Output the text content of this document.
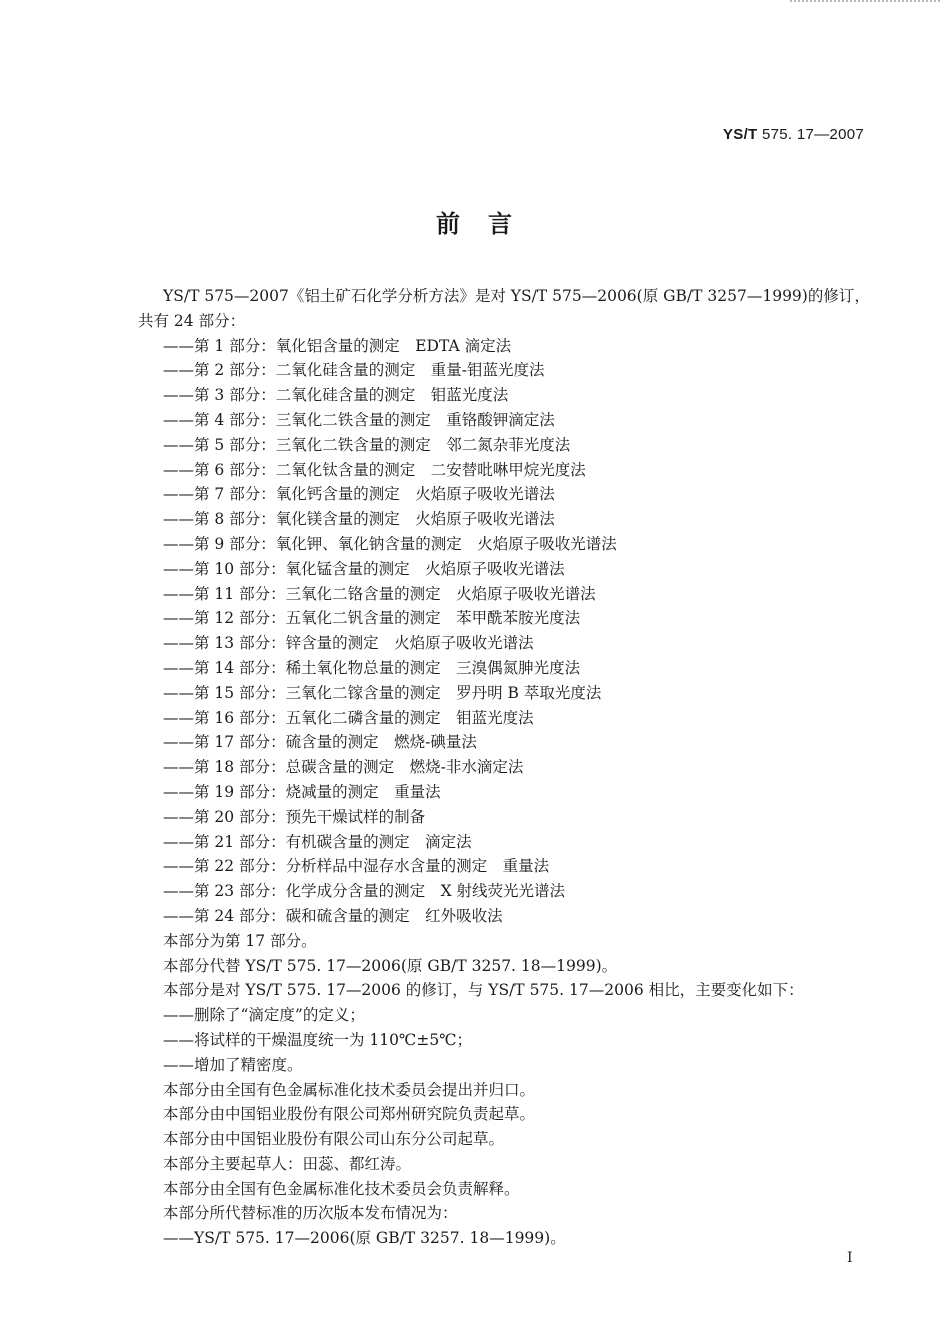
YS/T 575. 17—2007
前　言

YS/T 575—2007《铝土矿石化学分析方法》是对 YS/T 575—2006(原 GB/T 3257—1999)的修订，

共有 24 部分：

——第 1 部分：氧化铝含量的测定　EDTA 滴定法
——第 2 部分：二氧化硅含量的测定　重量-钼蓝光度法
——第 3 部分：二氧化硅含量的测定　钼蓝光度法
——第 4 部分：三氧化二铁含量的测定　重铬酸钾滴定法
——第 5 部分：三氧化二铁含量的测定　邻二氮杂菲光度法
——第 6 部分：二氧化钛含量的测定　二安替吡啉甲烷光度法
——第 7 部分：氧化钙含量的测定　火焰原子吸收光谱法
——第 8 部分：氧化镁含量的测定　火焰原子吸收光谱法
——第 9 部分：氧化钾、氧化钠含量的测定　火焰原子吸收光谱法
——第 10 部分：氧化锰含量的测定　火焰原子吸收光谱法
——第 11 部分：三氧化二铬含量的测定　火焰原子吸收光谱法
——第 12 部分：五氧化二钒含量的测定　苯甲酰苯胺光度法
——第 13 部分：锌含量的测定　火焰原子吸收光谱法
——第 14 部分：稀土氧化物总量的测定　三溴偶氮胂光度法
——第 15 部分：三氧化二镓含量的测定　罗丹明 B 萃取光度法
——第 16 部分：五氧化二磷含量的测定　钼蓝光度法
——第 17 部分：硫含量的测定　燃烧-碘量法
——第 18 部分：总碳含量的测定　燃烧-非水滴定法
——第 19 部分：烧减量的测定　重量法
——第 20 部分：预先干燥试样的制备
——第 21 部分：有机碳含量的测定　滴定法
——第 22 部分：分析样品中湿存水含量的测定　重量法
——第 23 部分：化学成分含量的测定　X 射线荧光光谱法
——第 24 部分：碳和硫含量的测定　红外吸收法

本部分为第 17 部分。

本部分代替 YS/T 575. 17—2006(原 GB/T 3257. 18—1999)。

本部分是对 YS/T 575. 17—2006 的修订，与 YS/T 575. 17—2006 相比，主要变化如下：

——删除了“滴定度”的定义；

——将试样的干燥温度统一为 110℃±5℃；

——增加了精密度。

本部分由全国有色金属标准化技术委员会提出并归口。

本部分由中国铝业股份有限公司郑州研究院负责起草。

本部分由中国铝业股份有限公司山东分公司起草。

本部分主要起草人：田蕊、都红涛。

本部分由全国有色金属标准化技术委员会负责解释。

本部分所代替标准的历次版本发布情况为：

——YS/T 575. 17—2006(原 GB/T 3257. 18—1999)。

I
